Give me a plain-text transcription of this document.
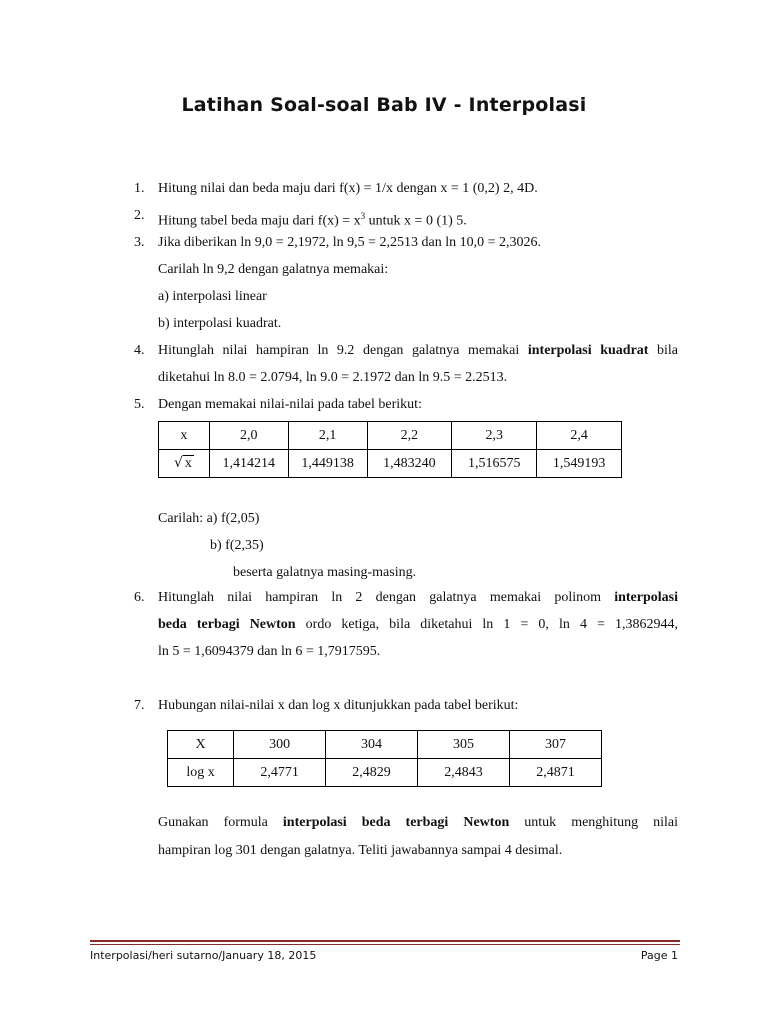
Latihan Soal-soal Bab IV - Interpolasi
1. Hitung nilai dan beda maju dari f(x) = 1/x dengan x = 1 (0,2) 2, 4D.
2. Hitung tabel beda maju dari $f(x) = x^3$ untuk x = 0 (1) 5.
3. Jika diberikan ln 9,0 = 2,1972, ln 9,5 = 2,2513 dan ln 10,0 = 2,3026.
Carilah ln 9,2 dengan galatnya memakai:
a) interpolasi linear
b) interpolasi kuadrat.
4. Hitunglah nilai hampiran ln 9.2 dengan galatnya memakai interpolasi kuadrat bila
diketahui ln 8.0 = 2.0794, ln 9.0 = 2.1972 dan ln 9.5 = 2.2513.
5. Dengan memakai nilai-nilai pada tabel berikut:
x	2,0	2,1	2,2	2,3	2,4
√ x	1,414214	1,449138	1,483240	1,516575	1,549193
Carilah: a) f(2,05)
b) f(2,35)
beserta galatnya masing-masing.
6. Hitunglah nilai hampiran ln 2 dengan galatnya memakai polinom interpolasi
beda terbagi Newton ordo ketiga, bila diketahui ln 1 = 0, ln 4 = 1,3862944,
ln 5 = 1,6094379 dan ln 6 = 1,7917595.
7. Hubungan nilai-nilai x dan log x ditunjukkan pada tabel berikut:
X	300	304	305	307
log x	2,4771	2,4829	2,4843	2,4871
Gunakan formula interpolasi beda terbagi Newton untuk menghitung nilai
hampiran log 301 dengan galatnya. Teliti jawabannya sampai 4 desimal.
Interpolasi/heri sutarno/January 18, 2015	Page 1
